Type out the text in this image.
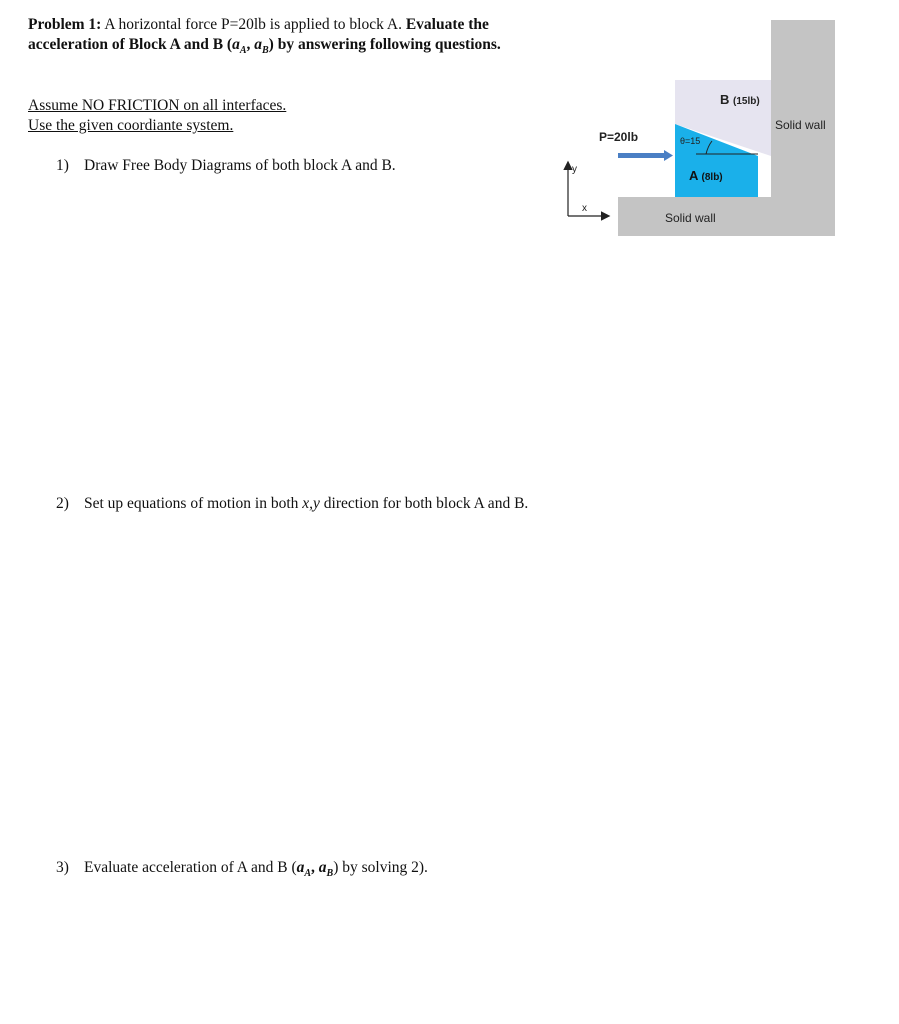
Problem 1: A horizontal force P=20lb is applied to block A. Evaluate the acceleration of Block A and B ($a_A$, $a_B$) by answering following questions.
Assume NO FRICTION on all interfaces.
Use the given coordiante system.
1) Draw Free Body Diagrams of both block A and B.
2) Set up equations of motion in both x,y direction for both block A and B.
3) Evaluate acceleration of A and B ($a_A$, $a_B$) by solving 2).
y
x
Solid wall
Solid wall
B (15lb)
A (8lb)
θ=15
P=20lb
